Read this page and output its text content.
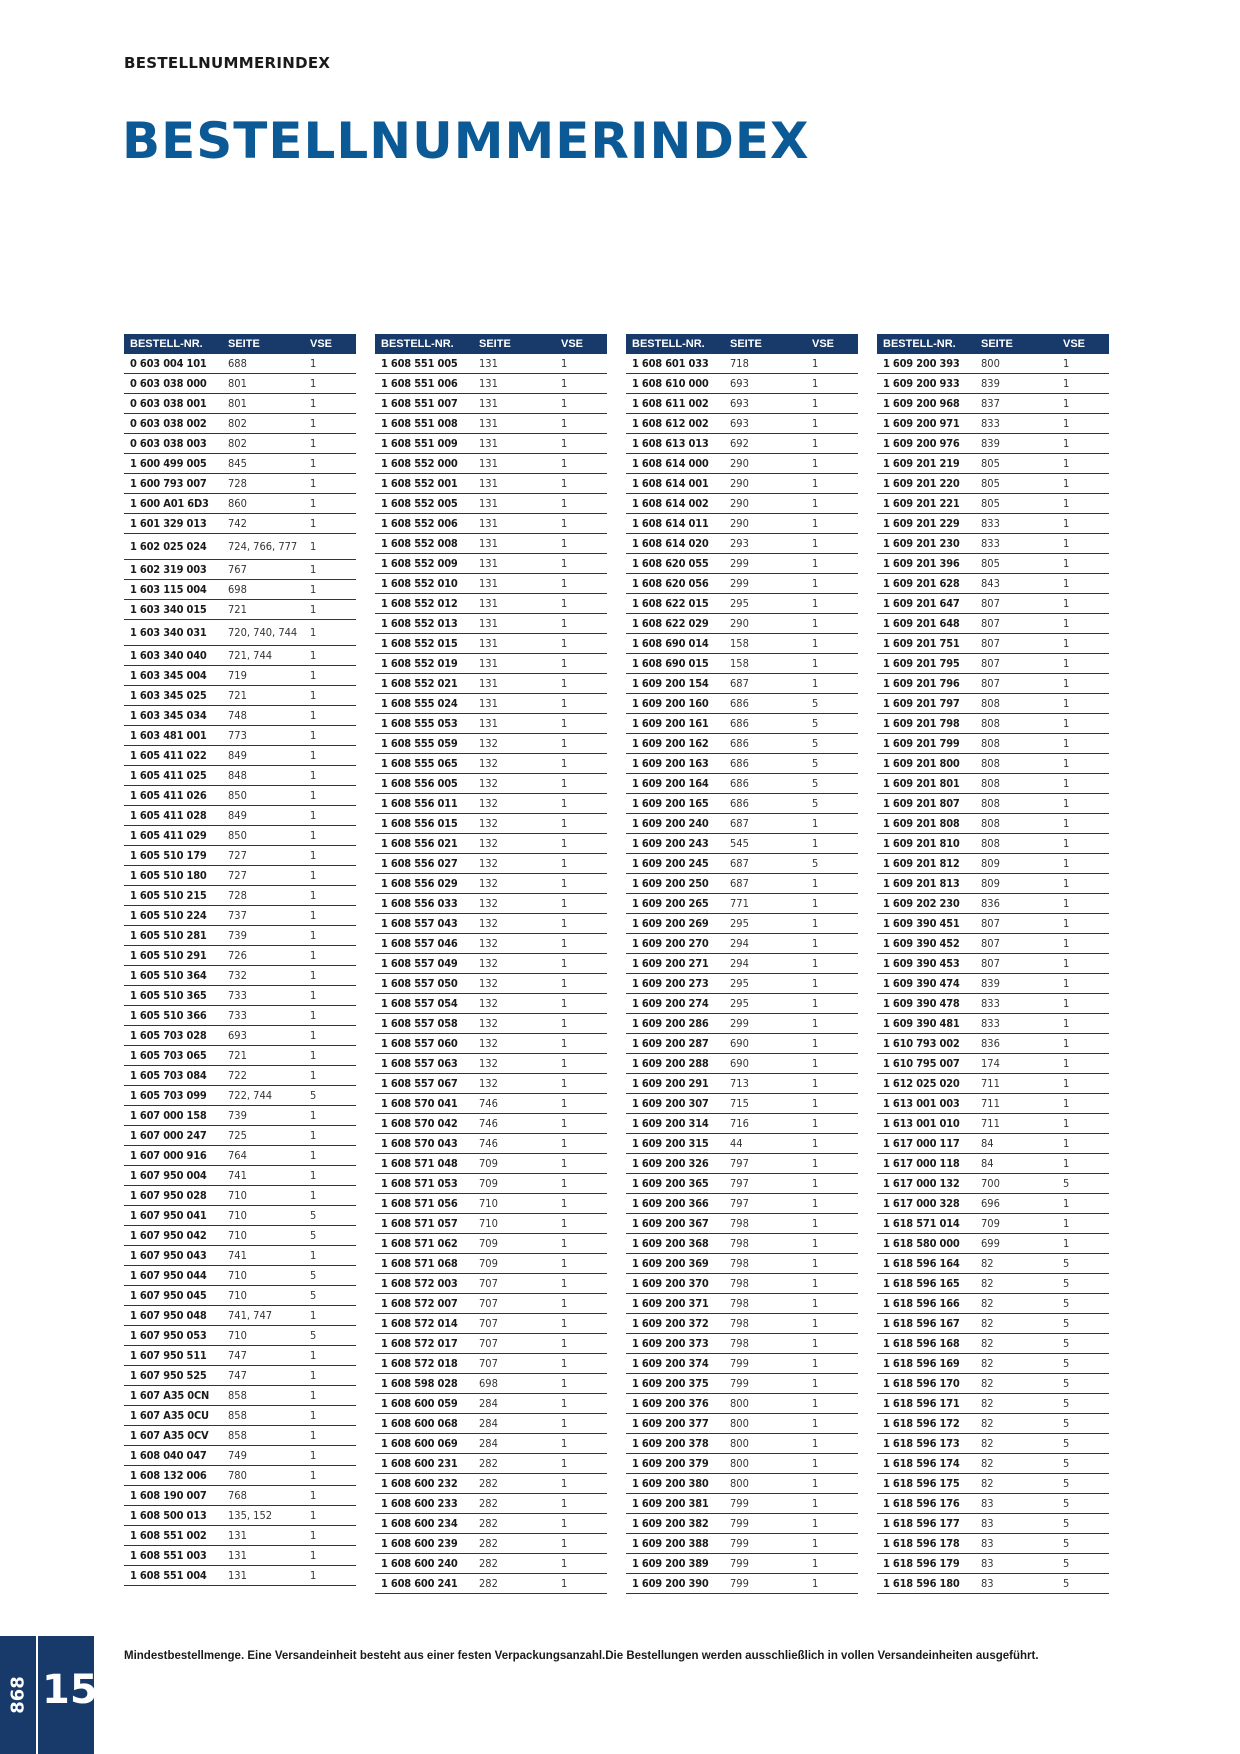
BESTELLNUMMERINDEX
BESTELLNUMMERINDEX
BESTELL-NR.	SEITE	VSE
0 603 004 101	688	1
0 603 038 000	801	1
0 603 038 001	801	1
0 603 038 002	802	1
0 603 038 003	802	1
1 600 499 005	845	1
1 600 793 007	728	1
1 600 A01 6D3	860	1
1 601 329 013	742	1
1 602 025 024	724, 766, 777	1
1 602 319 003	767	1
1 603 115 004	698	1
1 603 340 015	721	1
1 603 340 031	720, 740, 744	1
1 603 340 040	721, 744	1
1 603 345 004	719	1
1 603 345 025	721	1
1 603 345 034	748	1
1 603 481 001	773	1
1 605 411 022	849	1
1 605 411 025	848	1
1 605 411 026	850	1
1 605 411 028	849	1
1 605 411 029	850	1
1 605 510 179	727	1
1 605 510 180	727	1
1 605 510 215	728	1
1 605 510 224	737	1
1 605 510 281	739	1
1 605 510 291	726	1
1 605 510 364	732	1
1 605 510 365	733	1
1 605 510 366	733	1
1 605 703 028	693	1
1 605 703 065	721	1
1 605 703 084	722	1
1 605 703 099	722, 744	5
1 607 000 158	739	1
1 607 000 247	725	1
1 607 000 916	764	1
1 607 950 004	741	1
1 607 950 028	710	1
1 607 950 041	710	5
1 607 950 042	710	5
1 607 950 043	741	1
1 607 950 044	710	5
1 607 950 045	710	5
1 607 950 048	741, 747	1
1 607 950 053	710	5
1 607 950 511	747	1
1 607 950 525	747	1
1 607 A35 0CN	858	1
1 607 A35 0CU	858	1
1 607 A35 0CV	858	1
1 608 040 047	749	1
1 608 132 006	780	1
1 608 190 007	768	1
1 608 500 013	135, 152	1
1 608 551 002	131	1
1 608 551 003	131	1
1 608 551 004	131	1
BESTELL-NR.	SEITE	VSE
1 608 551 005	131	1
1 608 551 006	131	1
1 608 551 007	131	1
1 608 551 008	131	1
1 608 551 009	131	1
1 608 552 000	131	1
1 608 552 001	131	1
1 608 552 005	131	1
1 608 552 006	131	1
1 608 552 008	131	1
1 608 552 009	131	1
1 608 552 010	131	1
1 608 552 012	131	1
1 608 552 013	131	1
1 608 552 015	131	1
1 608 552 019	131	1
1 608 552 021	131	1
1 608 555 024	131	1
1 608 555 053	131	1
1 608 555 059	132	1
1 608 555 065	132	1
1 608 556 005	132	1
1 608 556 011	132	1
1 608 556 015	132	1
1 608 556 021	132	1
1 608 556 027	132	1
1 608 556 029	132	1
1 608 556 033	132	1
1 608 557 043	132	1
1 608 557 046	132	1
1 608 557 049	132	1
1 608 557 050	132	1
1 608 557 054	132	1
1 608 557 058	132	1
1 608 557 060	132	1
1 608 557 063	132	1
1 608 557 067	132	1
1 608 570 041	746	1
1 608 570 042	746	1
1 608 570 043	746	1
1 608 571 048	709	1
1 608 571 053	709	1
1 608 571 056	710	1
1 608 571 057	710	1
1 608 571 062	709	1
1 608 571 068	709	1
1 608 572 003	707	1
1 608 572 007	707	1
1 608 572 014	707	1
1 608 572 017	707	1
1 608 572 018	707	1
1 608 598 028	698	1
1 608 600 059	284	1
1 608 600 068	284	1
1 608 600 069	284	1
1 608 600 231	282	1
1 608 600 232	282	1
1 608 600 233	282	1
1 608 600 234	282	1
1 608 600 239	282	1
1 608 600 240	282	1
1 608 600 241	282	1
BESTELL-NR.	SEITE	VSE
1 608 601 033	718	1
1 608 610 000	693	1
1 608 611 002	693	1
1 608 612 002	693	1
1 608 613 013	692	1
1 608 614 000	290	1
1 608 614 001	290	1
1 608 614 002	290	1
1 608 614 011	290	1
1 608 614 020	293	1
1 608 620 055	299	1
1 608 620 056	299	1
1 608 622 015	295	1
1 608 622 029	290	1
1 608 690 014	158	1
1 608 690 015	158	1
1 609 200 154	687	1
1 609 200 160	686	5
1 609 200 161	686	5
1 609 200 162	686	5
1 609 200 163	686	5
1 609 200 164	686	5
1 609 200 165	686	5
1 609 200 240	687	1
1 609 200 243	545	1
1 609 200 245	687	5
1 609 200 250	687	1
1 609 200 265	771	1
1 609 200 269	295	1
1 609 200 270	294	1
1 609 200 271	294	1
1 609 200 273	295	1
1 609 200 274	295	1
1 609 200 286	299	1
1 609 200 287	690	1
1 609 200 288	690	1
1 609 200 291	713	1
1 609 200 307	715	1
1 609 200 314	716	1
1 609 200 315	44	1
1 609 200 326	797	1
1 609 200 365	797	1
1 609 200 366	797	1
1 609 200 367	798	1
1 609 200 368	798	1
1 609 200 369	798	1
1 609 200 370	798	1
1 609 200 371	798	1
1 609 200 372	798	1
1 609 200 373	798	1
1 609 200 374	799	1
1 609 200 375	799	1
1 609 200 376	800	1
1 609 200 377	800	1
1 609 200 378	800	1
1 609 200 379	800	1
1 609 200 380	800	1
1 609 200 381	799	1
1 609 200 382	799	1
1 609 200 388	799	1
1 609 200 389	799	1
1 609 200 390	799	1
BESTELL-NR.	SEITE	VSE
1 609 200 393	800	1
1 609 200 933	839	1
1 609 200 968	837	1
1 609 200 971	833	1
1 609 200 976	839	1
1 609 201 219	805	1
1 609 201 220	805	1
1 609 201 221	805	1
1 609 201 229	833	1
1 609 201 230	833	1
1 609 201 396	805	1
1 609 201 628	843	1
1 609 201 647	807	1
1 609 201 648	807	1
1 609 201 751	807	1
1 609 201 795	807	1
1 609 201 796	807	1
1 609 201 797	808	1
1 609 201 798	808	1
1 609 201 799	808	1
1 609 201 800	808	1
1 609 201 801	808	1
1 609 201 807	808	1
1 609 201 808	808	1
1 609 201 810	808	1
1 609 201 812	809	1
1 609 201 813	809	1
1 609 202 230	836	1
1 609 390 451	807	1
1 609 390 452	807	1
1 609 390 453	807	1
1 609 390 474	839	1
1 609 390 478	833	1
1 609 390 481	833	1
1 610 793 002	836	1
1 610 795 007	174	1
1 612 025 020	711	1
1 613 001 003	711	1
1 613 001 010	711	1
1 617 000 117	84	1
1 617 000 118	84	1
1 617 000 132	700	5
1 617 000 328	696	1
1 618 571 014	709	1
1 618 580 000	699	1
1 618 596 164	82	5
1 618 596 165	82	5
1 618 596 166	82	5
1 618 596 167	82	5
1 618 596 168	82	5
1 618 596 169	82	5
1 618 596 170	82	5
1 618 596 171	82	5
1 618 596 172	82	5
1 618 596 173	82	5
1 618 596 174	82	5
1 618 596 175	82	5
1 618 596 176	83	5
1 618 596 177	83	5
1 618 596 178	83	5
1 618 596 179	83	5
1 618 596 180	83	5
Mindestbestellmenge. Eine Versandeinheit besteht aus einer festen Verpackungsanzahl.Die Bestellungen werden ausschließlich in vollen Versandeinheiten ausgeführt.
868 15
